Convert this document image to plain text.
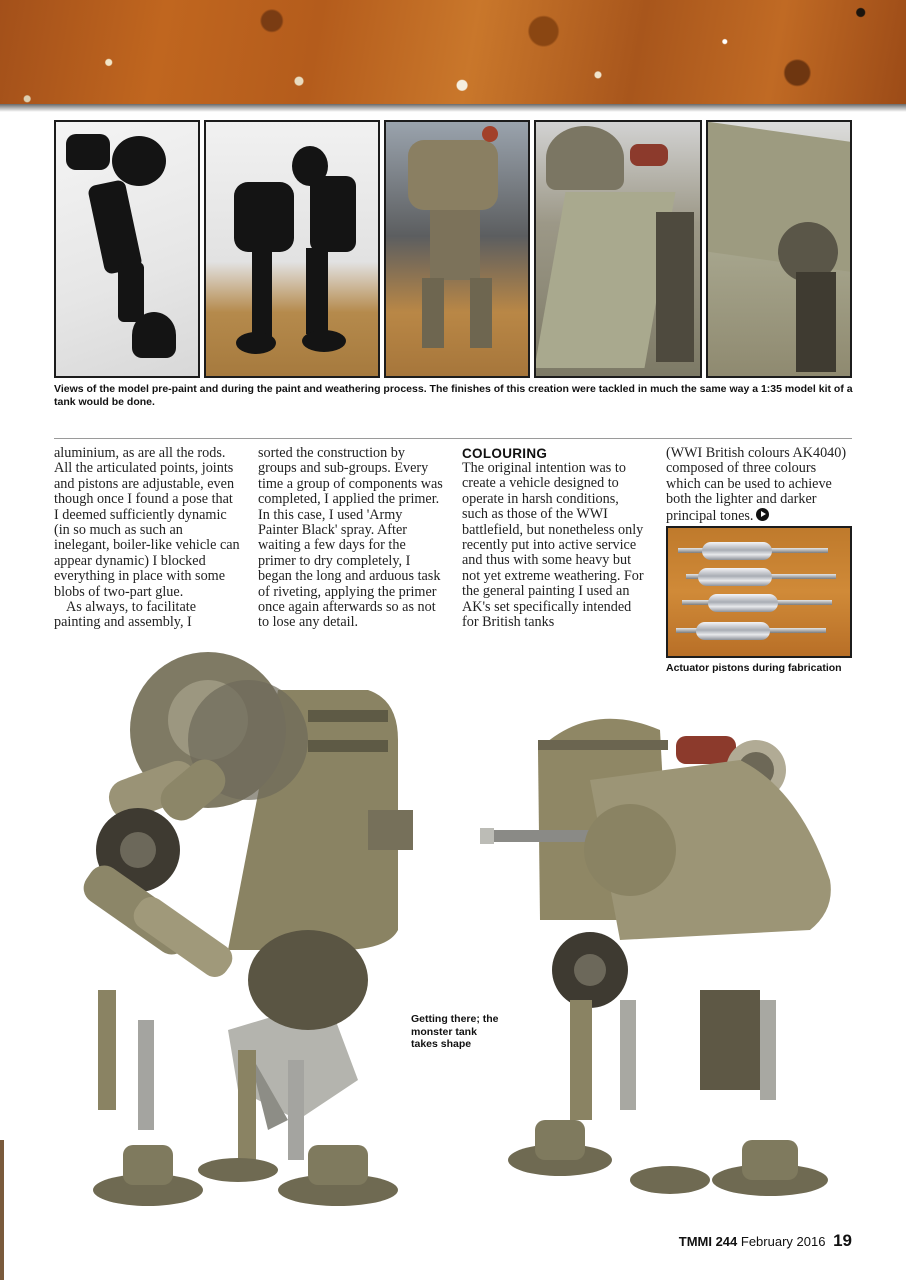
Views of the model pre-paint and during the paint and weathering process. The finishes of this creation were tackled in much the same way a 1:35 model kit of a tank would be done.

aluminium, as are all the rods. All the articulated points, joints and pistons are adjustable, even though once I found a pose that I deemed sufficiently dynamic (in so much as such an inelegant, boiler-like vehicle can appear dynamic) I blocked everything in place with some blobs of two-part glue.

As always, to facilitate painting and assembly, I

sorted the construction by groups and sub-groups. Every time a group of components was completed, I applied the primer. In this case, I used 'Army Painter Black' spray. After waiting a few days for the primer to dry completely, I began the long and arduous task of riveting, applying the primer once again afterwards so as not to lose any detail.

COLOURING

The original intention was to create a vehicle designed to operate in harsh conditions, such as those of the WWI battlefield, but nonetheless only recently put into active service and thus with some heavy but not yet extreme weathering. For the general painting I used an AK's set specifically intended for British tanks

(WWI British colours AK4040) composed of three colours which can be used to achieve both the lighter and darker principal tones.

Actuator pistons during fabrication
Getting there; the monster tank takes shape
TMMI 244 February 2016 19
